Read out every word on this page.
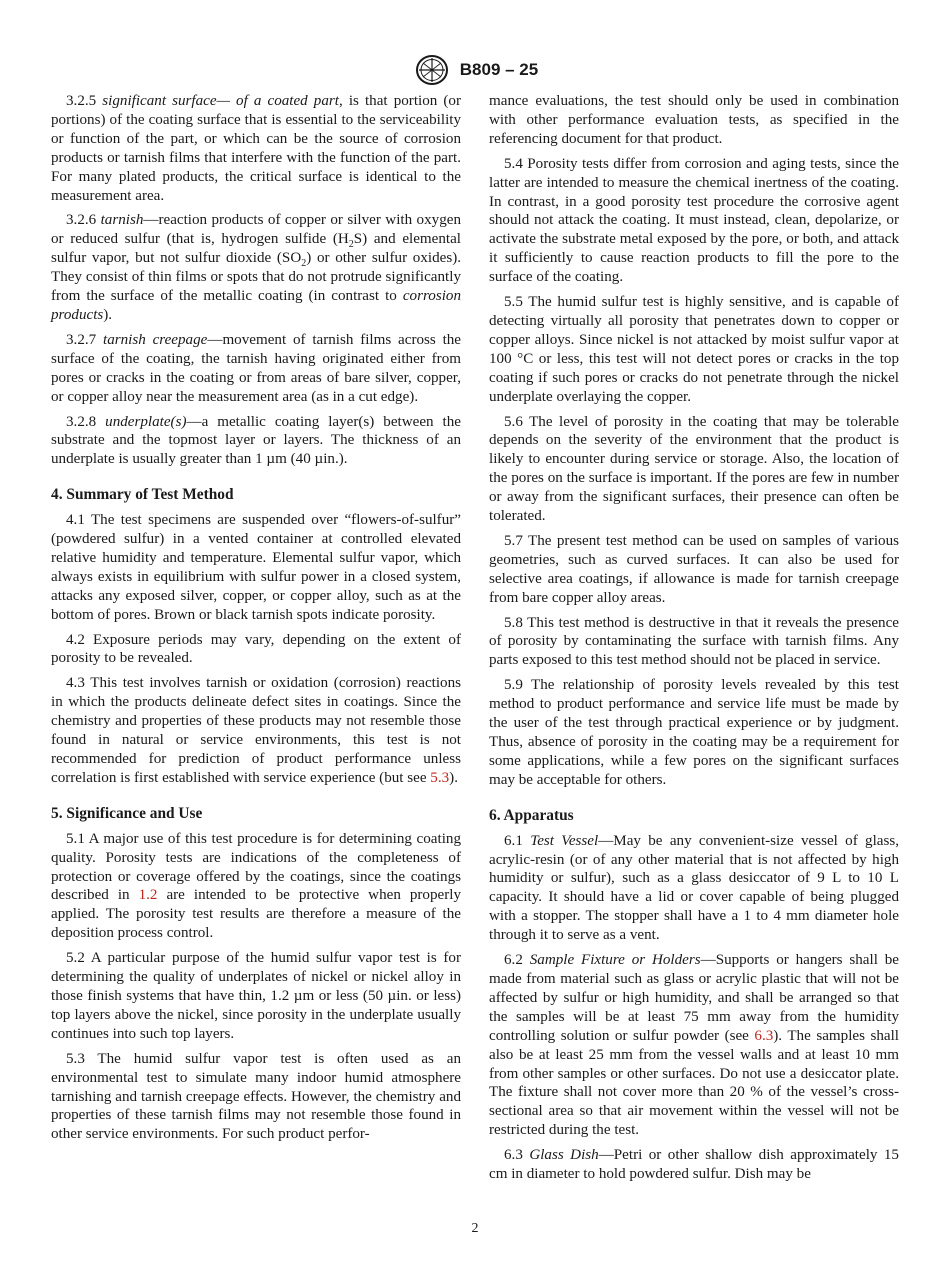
B809 – 25

3.2.5 significant surface— of a coated part, is that portion (or portions) of the coating surface that is essential to the serviceability or function of the part, or which can be the source of corrosion products or tarnish films that interfere with the function of the part. For many plated products, the critical surface is identical to the measurement area.

3.2.6 tarnish—reaction products of copper or silver with oxygen or reduced sulfur (that is, hydrogen sulfide $(H_2S)$ and elemental sulfur vapor, but not sulfur dioxide $(SO_2)$ or other sulfur oxides). They consist of thin films or spots that do not protrude significantly from the surface of the metallic coating (in contrast to corrosion products).

3.2.7 tarnish creepage—movement of tarnish films across the surface of the coating, the tarnish having originated either from pores or cracks in the coating or from areas of bare silver, copper, or copper alloy near the measurement area (as in a cut edge).

3.2.8 underplate(s)—a metallic coating layer(s) between the substrate and the topmost layer or layers. The thickness of an underplate is usually greater than 1 µm (40 µin.).

4. Summary of Test Method

4.1 The test specimens are suspended over “flowers-of-sulfur” (powdered sulfur) in a vented container at controlled elevated relative humidity and temperature. Elemental sulfur vapor, which always exists in equilibrium with sulfur power in a closed system, attacks any exposed silver, copper, or copper alloy, such as at the bottom of pores. Brown or black tarnish spots indicate porosity.

4.2 Exposure periods may vary, depending on the extent of porosity to be revealed.

4.3 This test involves tarnish or oxidation (corrosion) reactions in which the products delineate defect sites in coatings. Since the chemistry and properties of these products may not resemble those found in natural or service environments, this test is not recommended for prediction of product performance unless correlation is first established with service experience (but see 5.3).

5. Significance and Use

5.1 A major use of this test procedure is for determining coating quality. Porosity tests are indications of the completeness of protection or coverage offered by the coatings, since the coatings described in 1.2 are intended to be protective when properly applied. The porosity test results are therefore a measure of the deposition process control.

5.2 A particular purpose of the humid sulfur vapor test is for determining the quality of underplates of nickel or nickel alloy in those finish systems that have thin, 1.2 µm or less (50 µin. or less) top layers above the nickel, since porosity in the underplate usually continues into such top layers.

5.3 The humid sulfur vapor test is often used as an environmental test to simulate many indoor humid atmosphere tarnishing and tarnish creepage effects. However, the chemistry and properties of these tarnish films may not resemble those found in other service environments. For such product perfor-

mance evaluations, the test should only be used in combination with other performance evaluation tests, as specified in the referencing document for that product.

5.4 Porosity tests differ from corrosion and aging tests, since the latter are intended to measure the chemical inertness of the coating. In contrast, in a good porosity test procedure the corrosive agent should not attack the coating. It must instead, clean, depolarize, or activate the substrate metal exposed by the pore, or both, and attack it sufficiently to cause reaction products to fill the pore to the surface of the coating.

5.5 The humid sulfur test is highly sensitive, and is capable of detecting virtually all porosity that penetrates down to copper or copper alloys. Since nickel is not attacked by moist sulfur vapor at 100 °C or less, this test will not detect pores or cracks in the top coating if such pores or cracks do not penetrate through the nickel underplate overlaying the copper.

5.6 The level of porosity in the coating that may be tolerable depends on the severity of the environment that the product is likely to encounter during service or storage. Also, the location of the pores on the surface is important. If the pores are few in number or away from the significant surfaces, their presence can often be tolerated.

5.7 The present test method can be used on samples of various geometries, such as curved surfaces. It can also be used for selective area coatings, if allowance is made for tarnish creepage from bare copper alloy areas.

5.8 This test method is destructive in that it reveals the presence of porosity by contaminating the surface with tarnish films. Any parts exposed to this test method should not be placed in service.

5.9 The relationship of porosity levels revealed by this test method to product performance and service life must be made by the user of the test through practical experience or by judgment. Thus, absence of porosity in the coating may be a requirement for some applications, while a few pores on the significant surfaces may be acceptable for others.

6. Apparatus

6.1 Test Vessel—May be any convenient-size vessel of glass, acrylic-resin (or of any other material that is not affected by high humidity or sulfur), such as a glass desiccator of 9 L to 10 L capacity. It should have a lid or cover capable of being plugged with a stopper. The stopper shall have a 1 to 4 mm diameter hole through it to serve as a vent.

6.2 Sample Fixture or Holders—Supports or hangers shall be made from material such as glass or acrylic plastic that will not be affected by sulfur or high humidity, and shall be arranged so that the samples will be at least 75 mm away from the humidity controlling solution or sulfur powder (see 6.3). The samples shall also be at least 25 mm from the vessel walls and at least 10 mm from other samples or other surfaces. Do not use a desiccator plate. The fixture shall not cover more than 20 % of the vessel’s cross-sectional area so that air movement within the vessel will not be restricted during the test.

6.3 Glass Dish—Petri or other shallow dish approximately 15 cm in diameter to hold powdered sulfur. Dish may be

2
